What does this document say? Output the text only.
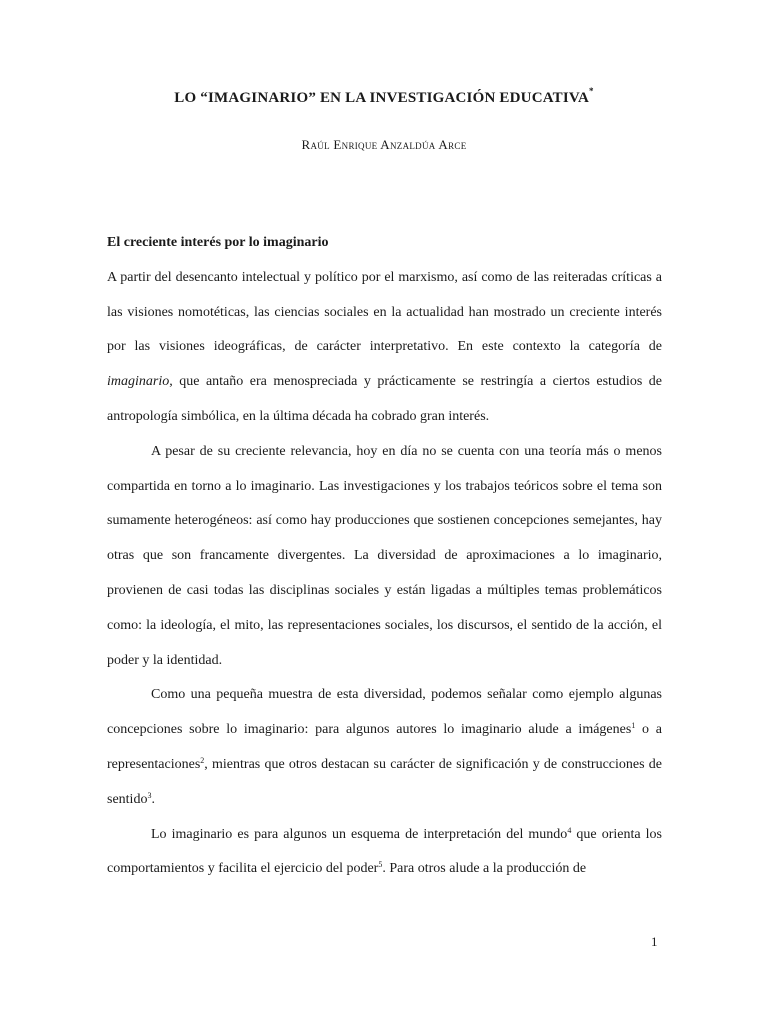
LO “IMAGINARIO” EN LA INVESTIGACIÓN EDUCATIVA*
Raúl Enrique Anzaldúa Arce

El creciente interés por lo imaginario

A partir del desencanto intelectual y político por el marxismo, así como de las reiteradas críticas a las visiones nomotéticas, las ciencias sociales en la actualidad han mostrado un creciente interés por las visiones ideográficas, de carácter interpretativo. En este contexto la categoría de imaginario, que antaño era menospreciada y prácticamente se restringía a ciertos estudios de antropología simbólica, en la última década ha cobrado gran interés.

A pesar de su creciente relevancia, hoy en día no se cuenta con una teoría más o menos compartida en torno a lo imaginario. Las investigaciones y los trabajos teóricos sobre el tema son sumamente heterogéneos: así como hay producciones que sostienen concepciones semejantes, hay otras que son francamente divergentes. La diversidad de aproximaciones a lo imaginario, provienen de casi todas las disciplinas sociales y están ligadas a múltiples temas problemáticos como: la ideología, el mito, las representaciones sociales, los discursos, el sentido de la acción, el poder y la identidad.

Como una pequeña muestra de esta diversidad, podemos señalar como ejemplo algunas concepciones sobre lo imaginario: para algunos autores lo imaginario alude a imágenes$^1$ o a representaciones$^2$, mientras que otros destacan su carácter de significación y de construcciones de sentido$^3$.

Lo imaginario es para algunos un esquema de interpretación del mundo$^4$ que orienta los comportamientos y facilita el ejercicio del poder$^5$. Para otros alude a la producción de

1
